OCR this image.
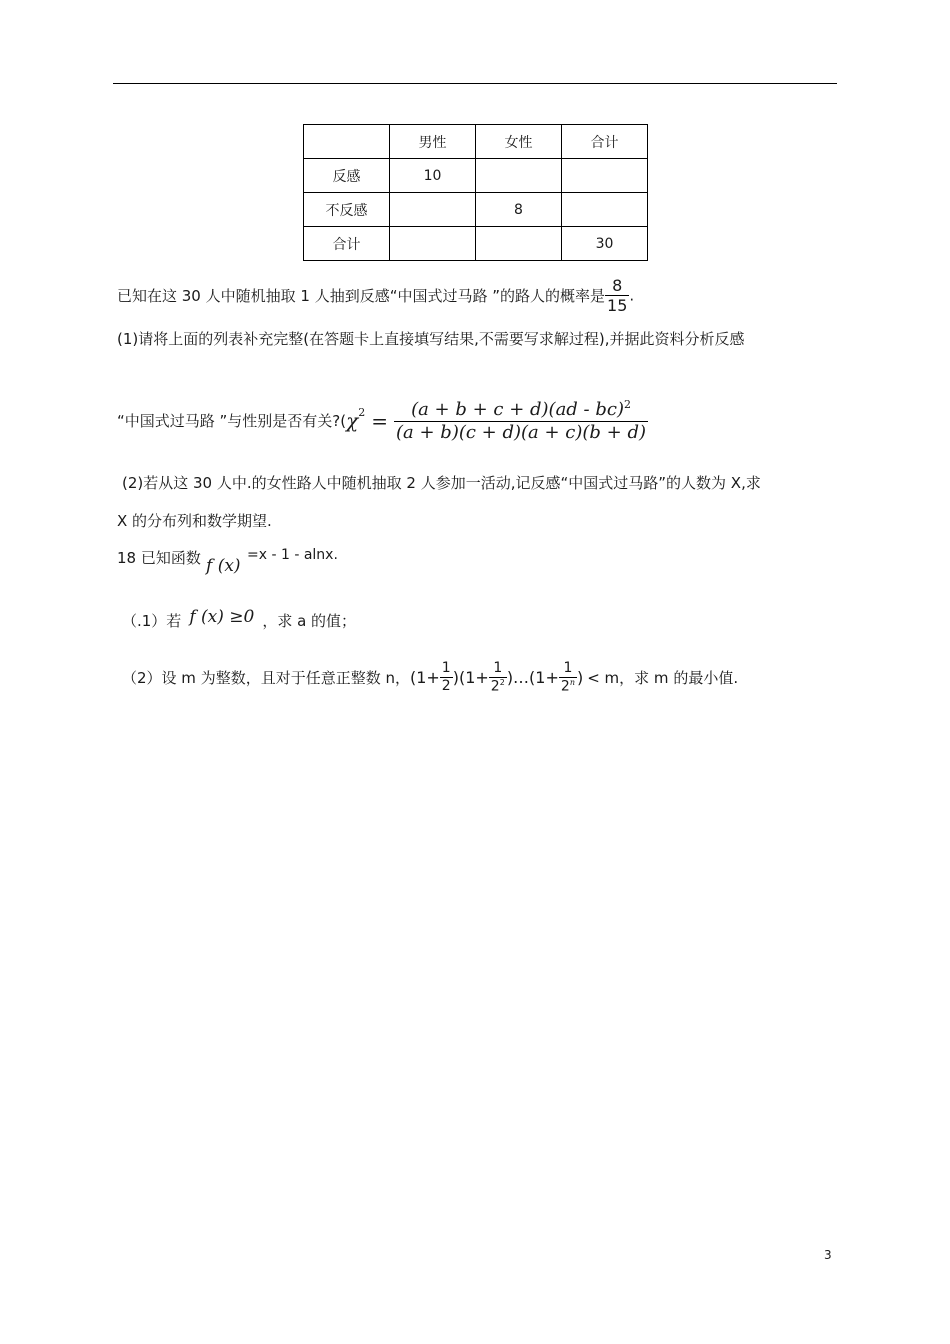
	男性	女性	合计
反感	10		
不反感		8	
合计			30
已知在这 30 人中随机抽取 1 人抽到反感“中国式过马路 ”的路人的概率是 $\frac{8}{15}$ .
(1)请将上面的列表补充完整(在答题卡上直接填写结果,不需要写求解过程),并据此资料分析反感
“中国式过马路 ”与性别是否有关$?(\chi^2 = \frac{(a + b + c + d)(ad - bc)^2}{(a + b)(c + d)(a + c)(b + d)}$
(2)若从这 30 人中.的女性路人中随机抽取 2 人参加一活动,记反感“中国式过马路”的人数为 X,求
X 的分布列和数学期望.
18 已知函数 f (x)
=x - 1 - alnx.
（.1）若 f (x) ≥0 ，求 a 的值；
（2）设 m 为整数，且对于任意正整数 n，$(1+ \frac{1}{2} )(1+ \frac{1}{2^2}$ )…(1+ $\frac{1}{2^n}$ ) < m，求 m 的最小值.
3
